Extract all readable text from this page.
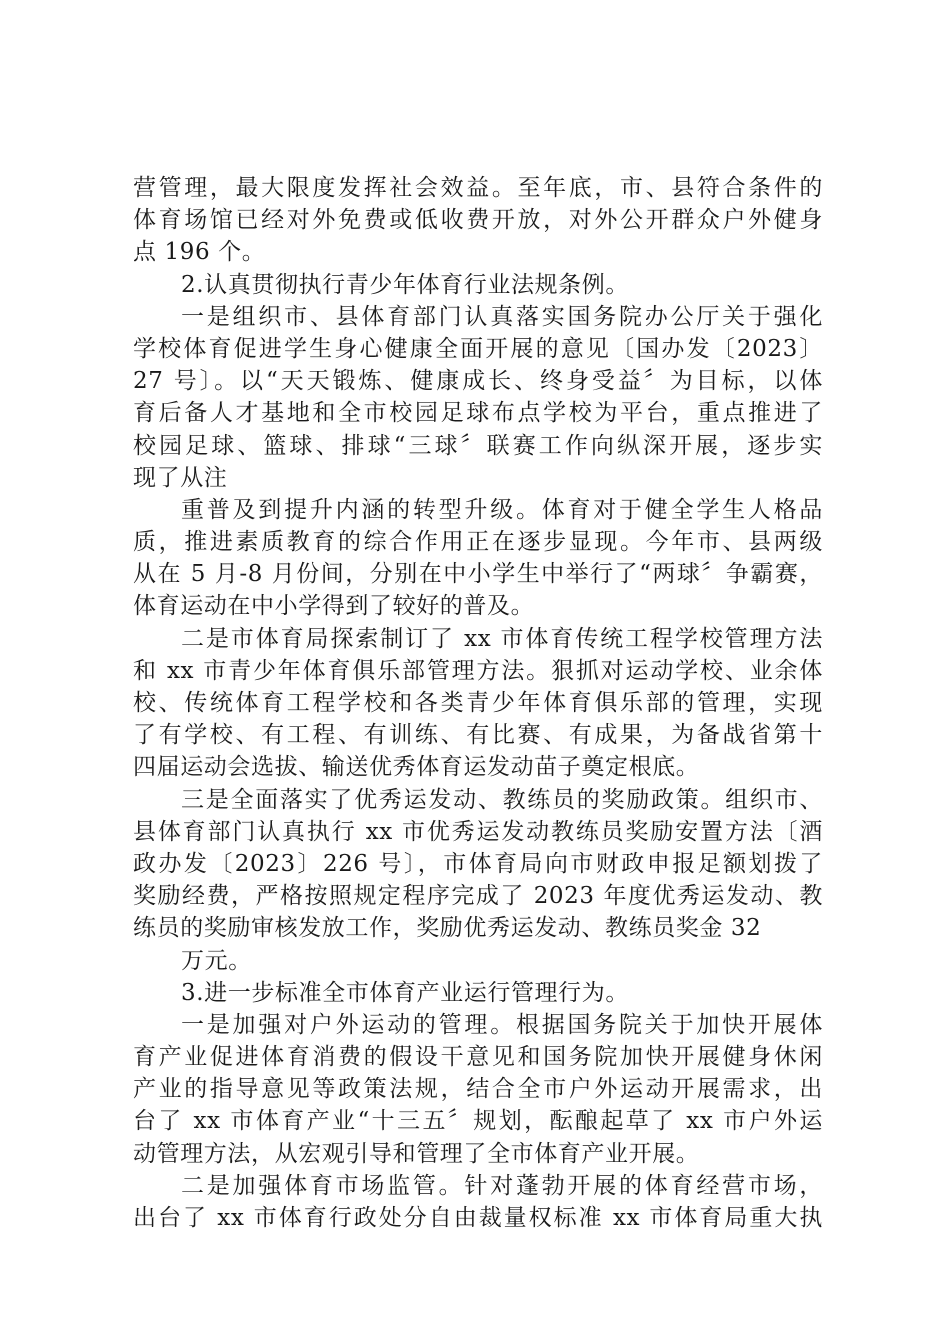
营管理，最大限度发挥社会效益。至年底，市、县符合条件的
体育场馆已经对外免费或低收费开放，对外公开群众户外健身
点 196 个。
2.认真贯彻执行青少年体育行业法规条例。
一是组织市、县体育部门认真落实国务院办公厅关于强化
学校体育促进学生身心健康全面开展的意见〔国办发〔2023〕
27 号〕。以“天天锻炼、健康成长、终身受益〞为目标，以体
育后备人才基地和全市校园足球布点学校为平台，重点推进了
校园足球、篮球、排球“三球〞联赛工作向纵深开展，逐步实
现了从注
重普及到提升内涵的转型升级。体育对于健全学生人格品
质，推进素质教育的综合作用正在逐步显现。今年市、县两级
从在 5 月-8 月份间，分别在中小学生中举行了“两球〞争霸赛，
体育运动在中小学得到了较好的普及。
二是市体育局探索制订了 xx 市体育传统工程学校管理方法
和 xx 市青少年体育俱乐部管理方法。狠抓对运动学校、业余体
校、传统体育工程学校和各类青少年体育俱乐部的管理，实现
了有学校、有工程、有训练、有比赛、有成果，为备战省第十
四届运动会选拔、输送优秀体育运发动苗子奠定根底。
三是全面落实了优秀运发动、教练员的奖励政策。组织市、
县体育部门认真执行 xx 市优秀运发动教练员奖励安置方法〔酒
政办发〔2023〕226 号〕，市体育局向市财政申报足额划拨了
奖励经费，严格按照规定程序完成了 2023 年度优秀运发动、教
练员的奖励审核发放工作，奖励优秀运发动、教练员奖金 32
万元。
3.进一步标准全市体育产业运行管理行为。
一是加强对户外运动的管理。根据国务院关于加快开展体
育产业促进体育消费的假设干意见和国务院加快开展健身休闲
产业的指导意见等政策法规，结合全市户外运动开展需求，出
台了 xx 市体育产业“十三五〞规划，酝酿起草了 xx 市户外运
动管理方法，从宏观引导和管理了全市体育产业开展。
二是加强体育市场监管。针对蓬勃开展的体育经营市场，
出台了 xx 市体育行政处分自由裁量权标准 xx 市体育局重大执
